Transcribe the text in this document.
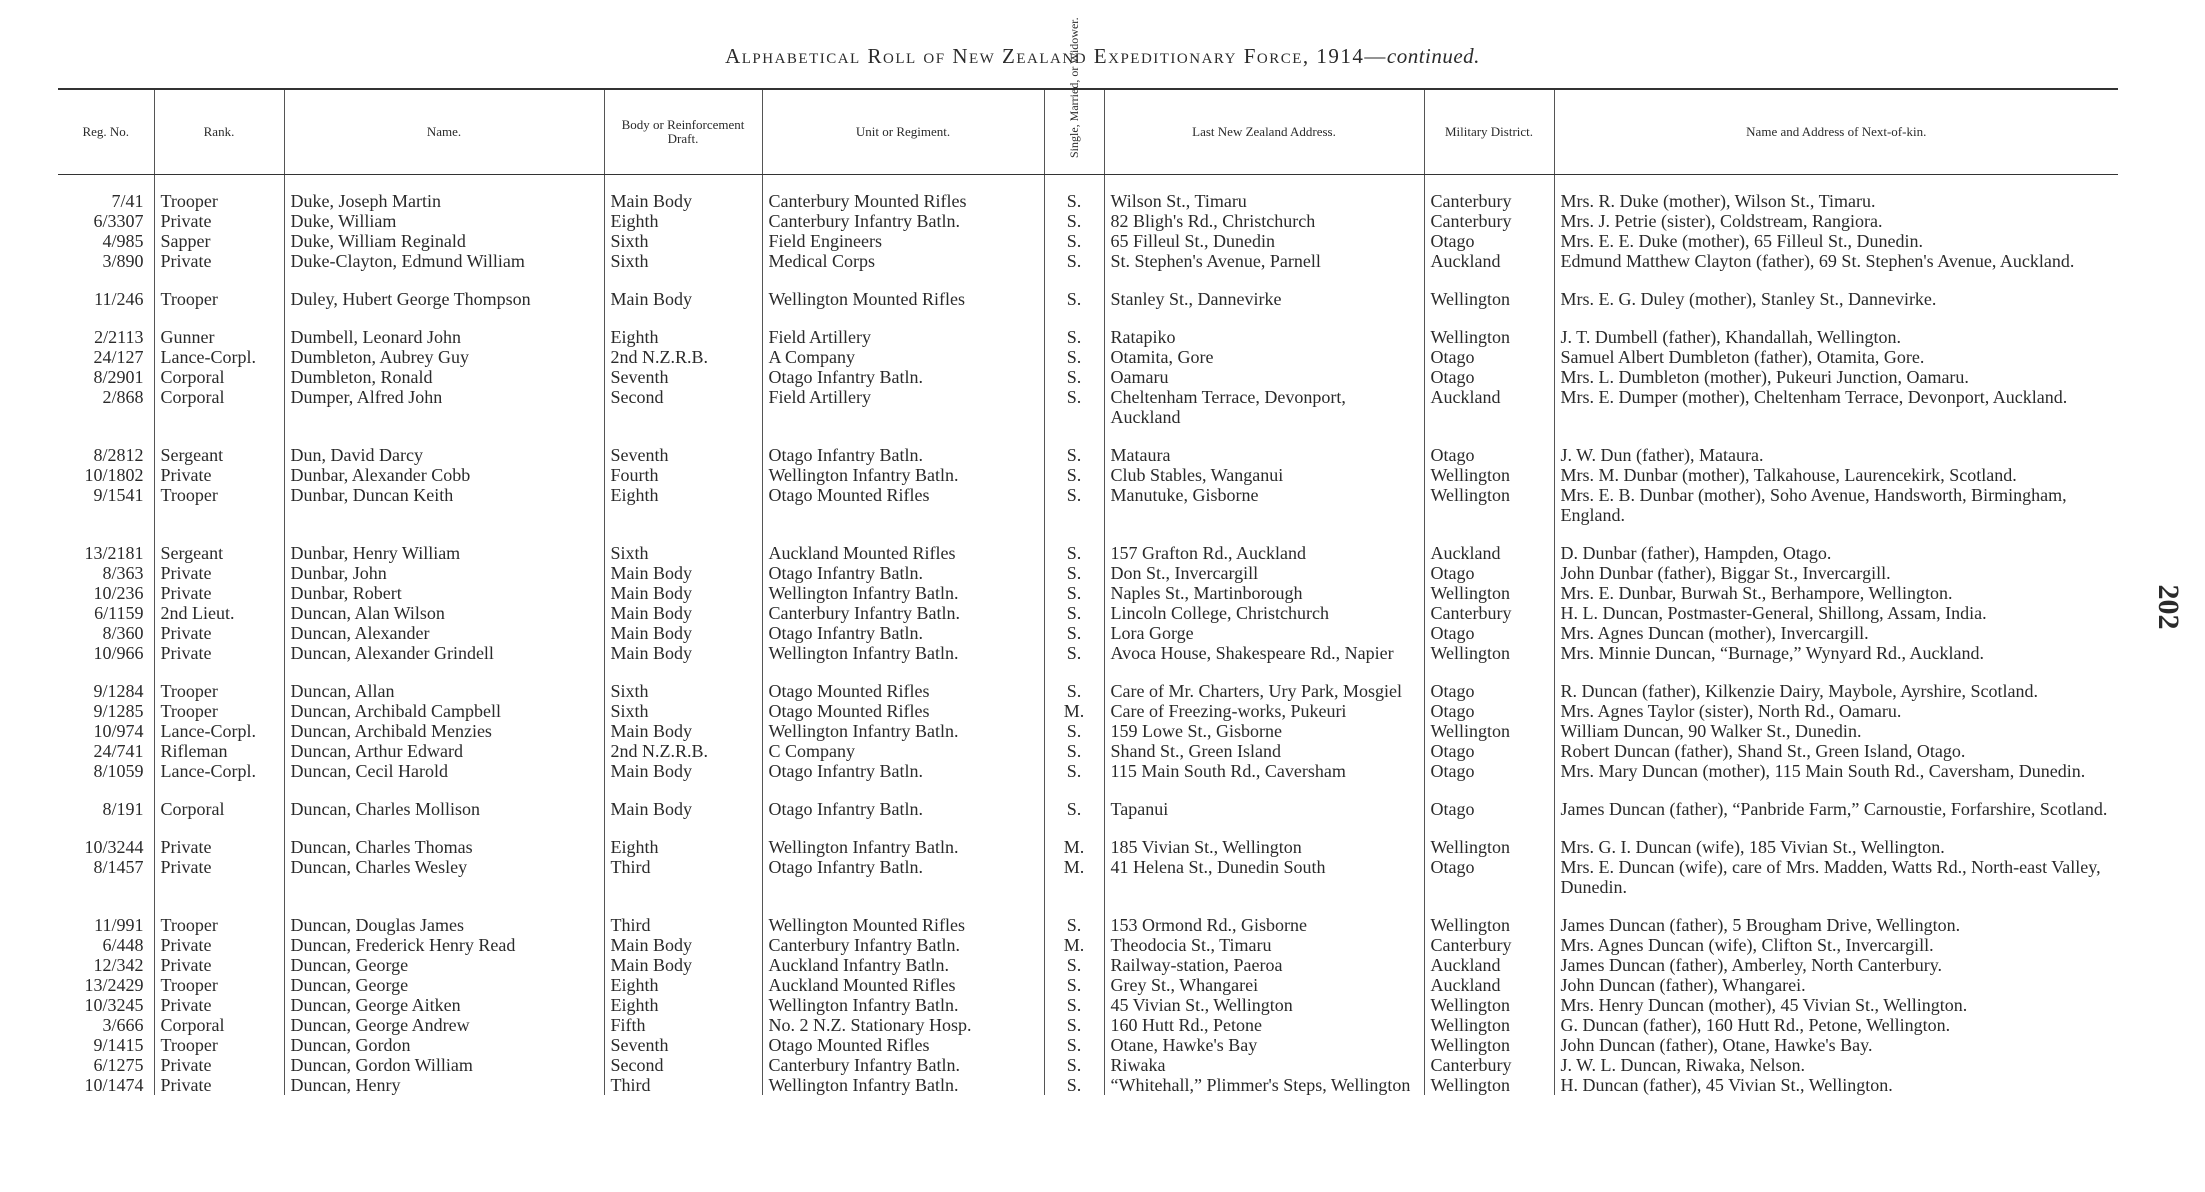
Alphabetical Roll of New Zealand Expeditionary Force, 1914—continued.
202
Reg. No.	Rank.	Name.	Body or Reinforcement Draft.	Unit or Regiment.	Single, Married, or Widower.	Last New Zealand Address.	Military District.	Name and Address of Next-of-kin.

7/41	Trooper	Duke, Joseph Martin	Main Body	Canterbury Mounted Rifles	S.	Wilson St., Timaru	Canterbury	Mrs. R. Duke (mother), Wilson St., Timaru.
6/3307	Private	Duke, William	Eighth	Canterbury Infantry Batln.	S.	82 Bligh's Rd., Christchurch	Canterbury	Mrs. J. Petrie (sister), Coldstream, Rangiora.
4/985	Sapper	Duke, William Reginald	Sixth	Field Engineers	S.	65 Filleul St., Dunedin	Otago	Mrs. E. E. Duke (mother), 65 Filleul St., Dunedin.
3/890	Private	Duke-Clayton, Edmund William	Sixth	Medical Corps	S.	St. Stephen's Avenue, Parnell	Auckland	Edmund Matthew Clayton (father), 69 St. Stephen's Avenue, Auckland.
11/246	Trooper	Duley, Hubert George Thompson	Main Body	Wellington Mounted Rifles	S.	Stanley St., Dannevirke	Wellington	Mrs. E. G. Duley (mother), Stanley St., Dannevirke.
2/2113	Gunner	Dumbell, Leonard John	Eighth	Field Artillery	S.	Ratapiko	Wellington	J. T. Dumbell (father), Khandallah, Wellington.
24/127	Lance-Corpl.	Dumbleton, Aubrey Guy	2nd N.Z.R.B.	A Company	S.	Otamita, Gore	Otago	Samuel Albert Dumbleton (father), Otamita, Gore.
8/2901	Corporal	Dumbleton, Ronald	Seventh	Otago Infantry Batln.	S.	Oamaru	Otago	Mrs. L. Dumbleton (mother), Pukeuri Junction, Oamaru.
2/868	Corporal	Dumper, Alfred John	Second	Field Artillery	S.	Cheltenham Terrace, Devonport, Auckland	Auckland	Mrs. E. Dumper (mother), Cheltenham Terrace, Devonport, Auckland.
8/2812	Sergeant	Dun, David Darcy	Seventh	Otago Infantry Batln.	S.	Mataura	Otago	J. W. Dun (father), Mataura.
10/1802	Private	Dunbar, Alexander Cobb	Fourth	Wellington Infantry Batln.	S.	Club Stables, Wanganui	Wellington	Mrs. M. Dunbar (mother), Talkahouse, Laurencekirk, Scotland.
9/1541	Trooper	Dunbar, Duncan Keith	Eighth	Otago Mounted Rifles	S.	Manutuke, Gisborne	Wellington	Mrs. E. B. Dunbar (mother), Soho Avenue, Handsworth, Birmingham, England.
13/2181	Sergeant	Dunbar, Henry William	Sixth	Auckland Mounted Rifles	S.	157 Grafton Rd., Auckland	Auckland	D. Dunbar (father), Hampden, Otago.
8/363	Private	Dunbar, John	Main Body	Otago Infantry Batln.	S.	Don St., Invercargill	Otago	John Dunbar (father), Biggar St., Invercargill.
10/236	Private	Dunbar, Robert	Main Body	Wellington Infantry Batln.	S.	Naples St., Martinborough	Wellington	Mrs. E. Dunbar, Burwah St., Berhampore, Wellington.
6/1159	2nd Lieut.	Duncan, Alan Wilson	Main Body	Canterbury Infantry Batln.	S.	Lincoln College, Christchurch	Canterbury	H. L. Duncan, Postmaster-General, Shillong, Assam, India.
8/360	Private	Duncan, Alexander	Main Body	Otago Infantry Batln.	S.	Lora Gorge	Otago	Mrs. Agnes Duncan (mother), Invercargill.
10/966	Private	Duncan, Alexander Grindell	Main Body	Wellington Infantry Batln.	S.	Avoca House, Shakespeare Rd., Napier	Wellington	Mrs. Minnie Duncan, “Burnage,” Wynyard Rd., Auckland.
9/1284	Trooper	Duncan, Allan	Sixth	Otago Mounted Rifles	S.	Care of Mr. Charters, Ury Park, Mosgiel	Otago	R. Duncan (father), Kilkenzie Dairy, Maybole, Ayrshire, Scotland.
9/1285	Trooper	Duncan, Archibald Campbell	Sixth	Otago Mounted Rifles	M.	Care of Freezing-works, Pukeuri	Otago	Mrs. Agnes Taylor (sister), North Rd., Oamaru.
10/974	Lance-Corpl.	Duncan, Archibald Menzies	Main Body	Wellington Infantry Batln.	S.	159 Lowe St., Gisborne	Wellington	William Duncan, 90 Walker St., Dunedin.
24/741	Rifleman	Duncan, Arthur Edward	2nd N.Z.R.B.	C Company	S.	Shand St., Green Island	Otago	Robert Duncan (father), Shand St., Green Island, Otago.
8/1059	Lance-Corpl.	Duncan, Cecil Harold	Main Body	Otago Infantry Batln.	S.	115 Main South Rd., Caversham	Otago	Mrs. Mary Duncan (mother), 115 Main South Rd., Caversham, Dunedin.
8/191	Corporal	Duncan, Charles Mollison	Main Body	Otago Infantry Batln.	S.	Tapanui	Otago	James Duncan (father), “Panbride Farm,” Carnoustie, Forfarshire, Scotland.
10/3244	Private	Duncan, Charles Thomas	Eighth	Wellington Infantry Batln.	M.	185 Vivian St., Wellington	Wellington	Mrs. G. I. Duncan (wife), 185 Vivian St., Wellington.
8/1457	Private	Duncan, Charles Wesley	Third	Otago Infantry Batln.	M.	41 Helena St., Dunedin South	Otago	Mrs. E. Duncan (wife), care of Mrs. Madden, Watts Rd., North-east Valley, Dunedin.
11/991	Trooper	Duncan, Douglas James	Third	Wellington Mounted Rifles	S.	153 Ormond Rd., Gisborne	Wellington	James Duncan (father), 5 Brougham Drive, Wellington.
6/448	Private	Duncan, Frederick Henry Read	Main Body	Canterbury Infantry Batln.	M.	Theodocia St., Timaru	Canterbury	Mrs. Agnes Duncan (wife), Clifton St., Invercargill.
12/342	Private	Duncan, George	Main Body	Auckland Infantry Batln.	S.	Railway-station, Paeroa	Auckland	James Duncan (father), Amberley, North Canterbury.
13/2429	Trooper	Duncan, George	Eighth	Auckland Mounted Rifles	S.	Grey St., Whangarei	Auckland	John Duncan (father), Whangarei.
10/3245	Private	Duncan, George Aitken	Eighth	Wellington Infantry Batln.	S.	45 Vivian St., Wellington	Wellington	Mrs. Henry Duncan (mother), 45 Vivian St., Wellington.
3/666	Corporal	Duncan, George Andrew	Fifth	No. 2 N.Z. Stationary Hosp.	S.	160 Hutt Rd., Petone	Wellington	G. Duncan (father), 160 Hutt Rd., Petone, Wellington.
9/1415	Trooper	Duncan, Gordon	Seventh	Otago Mounted Rifles	S.	Otane, Hawke's Bay	Wellington	John Duncan (father), Otane, Hawke's Bay.
6/1275	Private	Duncan, Gordon William	Second	Canterbury Infantry Batln.	S.	Riwaka	Canterbury	J. W. L. Duncan, Riwaka, Nelson.
10/1474	Private	Duncan, Henry	Third	Wellington Infantry Batln.	S.	“Whitehall,” Plimmer's Steps, Wellington	Wellington	H. Duncan (father), 45 Vivian St., Wellington.
